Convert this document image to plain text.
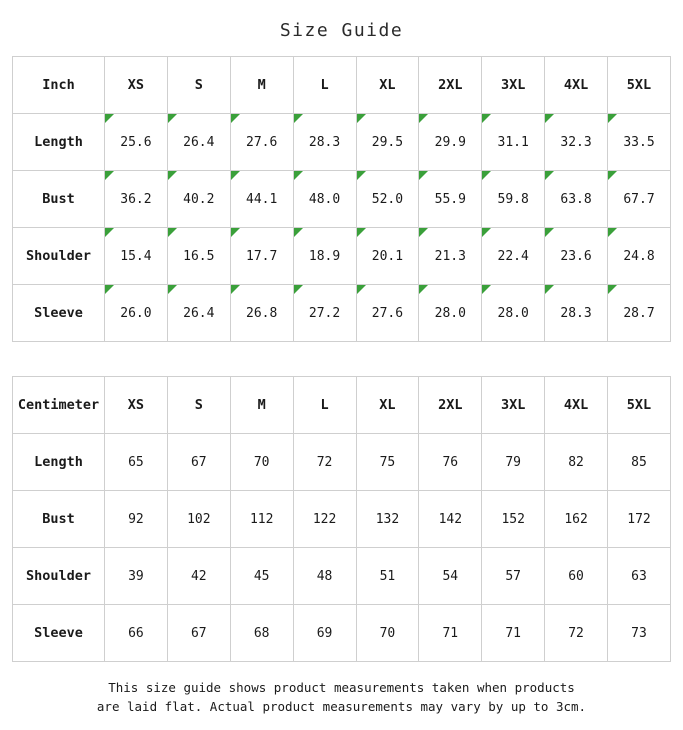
Size Guide
Inch	XS	S	M	L	XL	2XL	3XL	4XL	5XL
Length	25.6	26.4	27.6	28.3	29.5	29.9	31.1	32.3	33.5
Bust	36.2	40.2	44.1	48.0	52.0	55.9	59.8	63.8	67.7
Shoulder	15.4	16.5	17.7	18.9	20.1	21.3	22.4	23.6	24.8
Sleeve	26.0	26.4	26.8	27.2	27.6	28.0	28.0	28.3	28.7
Centimeter	XS	S	M	L	XL	2XL	3XL	4XL	5XL
Length	65	67	70	72	75	76	79	82	85
Bust	92	102	112	122	132	142	152	162	172
Shoulder	39	42	45	48	51	54	57	60	63
Sleeve	66	67	68	69	70	71	71	72	73
This size guide shows product measurements taken when products
are laid flat. Actual product measurements may vary by up to 3cm.
